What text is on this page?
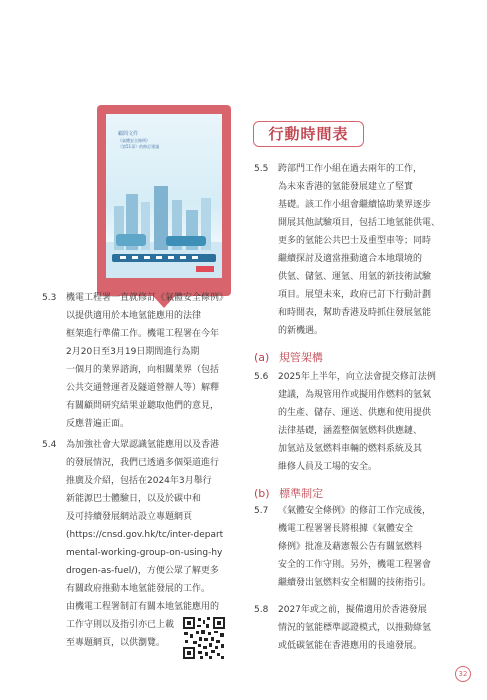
顧問文件
《氣體安全條例》
（第51章）的修訂建議
行動時間表
5.3 機電工程署一直就修訂《氣體安全條例》
以提供適用於本地氫能應用的法律
框架進行準備工作。機電工程署在今年
2月20日至3月19日期間進行為期
一個月的業界諮詢，向相關業界（包括
公共交通營運者及隧道營辦人等）解釋
有關顧問研究結果並聽取他們的意見，
反應普遍正面。
5.4 為加強社會大眾認識氫能應用以及香港
的發展情況，我們已透過多個渠道進行
推廣及介紹，包括在2024年3月舉行
新能源巴士體驗日，以及於碳中和
及可持續發展網站設立專題網頁
(https://cnsd.gov.hk/tc/inter-depart
mental-working-group-on-using-hy
drogen-as-fuel/)，方便公眾了解更多
有關政府推動本地氫能發展的工作。
由機電工程署制訂有關本地氫能應用的
工作守則以及指引亦已上載
至專題網頁，以供瀏覽。
5.5 跨部門工作小組在過去兩年的工作，
為未來香港的氫能發展建立了堅實
基礎。該工作小組會繼續協助業界逐步
開展其他試驗項目，包括工地氫能供電、
更多的氫能公共巴士及重型車等；同時
繼續探討及適當推動適合本地環境的
供氫、儲氫、運氫、用氫的新技術試驗
項目。展望未來，政府已訂下行動計劃
和時間表，幫助香港及時抓住發展氫能
的新機遇。
(a) 規管架構
5.6 2025年上半年，向立法會提交修訂法例
建議，為規管用作或擬用作燃料的氫氣
的生產、儲存、運送、供應和使用提供
法律基礎，涵蓋整個氫燃料供應鏈、
加氫站及氫燃料車輛的燃料系統及其
維修人員及工場的安全。
(b) 標準制定
5.7 《氣體安全條例》的修訂工作完成後，
機電工程署署長將根據《氣體安全
條例》批准及藉憲報公告有關氫燃料
安全的工作守則。另外，機電工程署會
繼續發出氫燃料安全相關的技術指引。
5.8 2027年或之前，擬備適用於香港發展
情況的氫能標準認證模式，以推動綠氫
或低碳氫能在香港應用的長遠發展。
32
